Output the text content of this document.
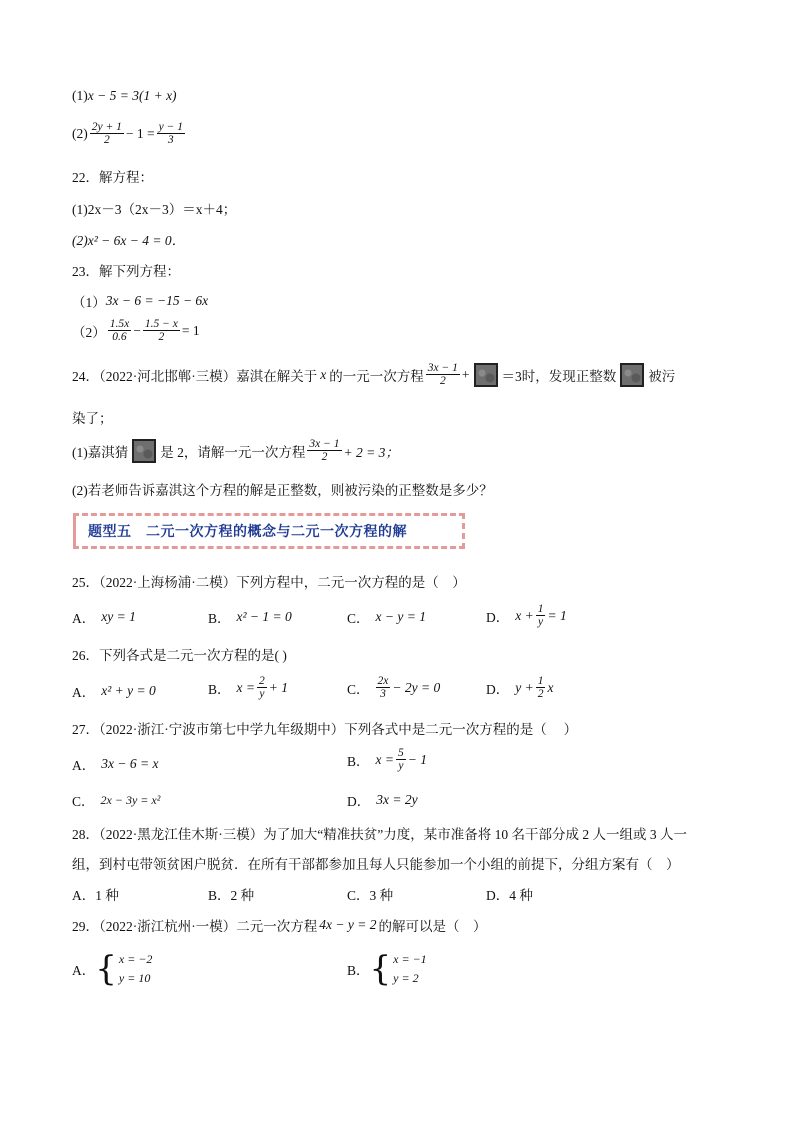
(1) x − 5 = 3(1 + x)
$(2) \frac{2y + 1}{2} - 1 = \frac{y - 1}{3}$
22．解方程：
(1)2x－3（2x－3）＝x＋4；
(2)x² − 6x − 4 = 0．
23．解下列方程：
（1） 3x − 6 = −15 − 6x
$(2) \frac{1.5x}{0.6} - \frac{1.5 - x}{2} = 1$
24．（2022·河北邯郸·三模）嘉淇在解关于 x 的一元一次方程 $\frac{3x - 1}{2} + =3$时，发现正整数 被污
染了；
(1)嘉淇猜 是 2，请解一元一次方程 $\frac{3x - 1}{2} + 2 = 3$；
(2)若老师告诉嘉淇这个方程的解是正整数，则被污染的正整数是多少？
题型五　二元一次方程的概念与二元一次方程的解
25．（2022·上海杨浦·二模）下列方程中，二元一次方程的是（　）
A． xy = 1	B． x² − 1 = 0	C． x − y = 1	D． $x + \frac{1}{y} = 1$
26．下列各式是二元一次方程的是( )
A． x² + y = 0	B． $x = \frac{2}{y} + 1$	C． $\frac{2x}{3} - 2y = 0$	D． $y + \frac{1}{2}$ x
27．（2022·浙江·宁波市第七中学九年级期中）下列各式中是二元一次方程的是（　 ）
A． 3x − 6 = x	B． $x = \frac{5}{y} - 1$
C． 2x − 3y = x²	D． 3x = 2y
28．（2022·黑龙江佳木斯·三模）为了加大“精准扶贫”力度，某市准备将 10 名干部分成 2 人一组或 3 人一
组，到村屯带领贫困户脱贫．在所有干部都参加且每人只能参加一个小组的前提下，分组方案有（　）
A．1 种	B．2 种	C．3 种	D．4 种
29．（2022·浙江杭州·一模）二元一次方程 4x − y = 2 的解可以是（　）
A． { x = −2
y = 10	B． { x = −1
y = 2
